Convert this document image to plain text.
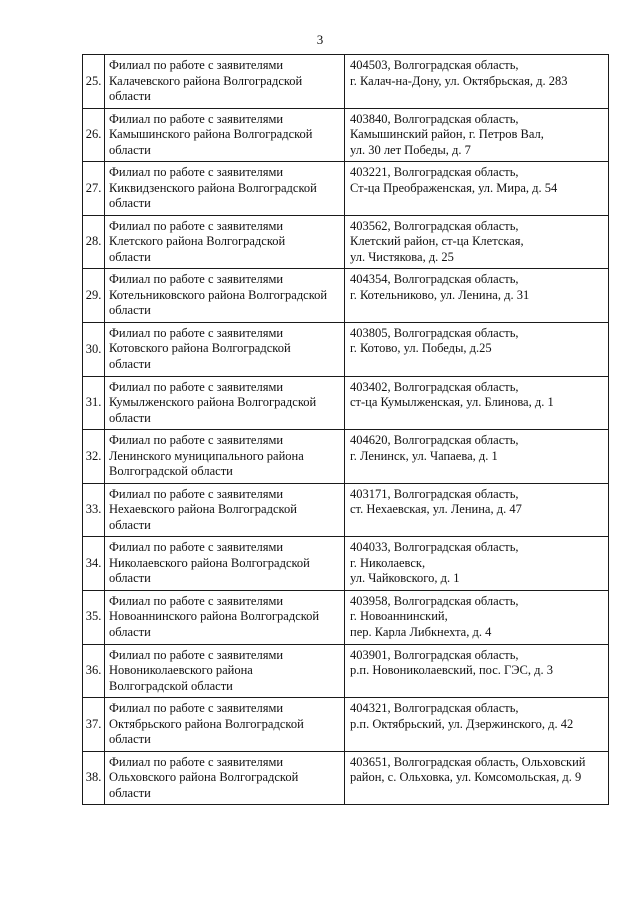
3
25.	Филиал по работе с заявителями
Калачевского района Волгоградской
области	404503, Волгоградская область,
г. Калач-на-Дону, ул. Октябрьская, д. 283

26.	Филиал по работе с заявителями
Камышинского района Волгоградской
области	403840, Волгоградская область,
Камышинский район, г. Петров Вал,
ул. 30 лет Победы, д. 7

27.	Филиал по работе с заявителями
Киквидзенского района Волгоградской
области	403221, Волгоградская область,
Ст-ца Преображенская, ул. Мира, д. 54

28.	Филиал по работе с заявителями
Клетского района Волгоградской
области	403562, Волгоградская область,
Клетский район, ст-ца Клетская,
ул. Чистякова, д. 25

29.	Филиал по работе с заявителями
Котельниковского района Волгоградской
области	404354, Волгоградская область,
г. Котельниково, ул. Ленина, д. 31

30.	Филиал по работе с заявителями
Котовского района Волгоградской
области	403805, Волгоградская область,
г. Котово, ул. Победы, д.25

31.	Филиал по работе с заявителями
Кумылженского района Волгоградской
области	403402, Волгоградская область,
ст-ца Кумылженская, ул. Блинова, д. 1

32.	Филиал по работе с заявителями
Ленинского муниципального района
Волгоградской области	404620, Волгоградская область,
г. Ленинск, ул. Чапаева, д. 1

33.	Филиал по работе с заявителями
Нехаевского района Волгоградской
области	403171, Волгоградская область,
ст. Нехаевская, ул. Ленина, д. 47

34.	Филиал по работе с заявителями
Николаевского района Волгоградской
области	404033, Волгоградская область,
г. Николаевск,
ул. Чайковского, д. 1

35.	Филиал по работе с заявителями
Новоаннинского района Волгоградской
области	403958, Волгоградская область,
г. Новоаннинский,
пер. Карла Либкнехта, д. 4

36.	Филиал по работе с заявителями
Новониколаевского района
Волгоградской области	403901, Волгоградская область,
р.п. Новониколаевский, пос. ГЭС, д. 3

37.	Филиал по работе с заявителями
Октябрьского района Волгоградской
области	404321, Волгоградская область,
р.п. Октябрьский, ул. Дзержинского, д. 42

38.	Филиал по работе с заявителями
Ольховского района Волгоградской
области	403651, Волгоградская область, Ольховский
район, с. Ольховка, ул. Комсомольская, д. 9
